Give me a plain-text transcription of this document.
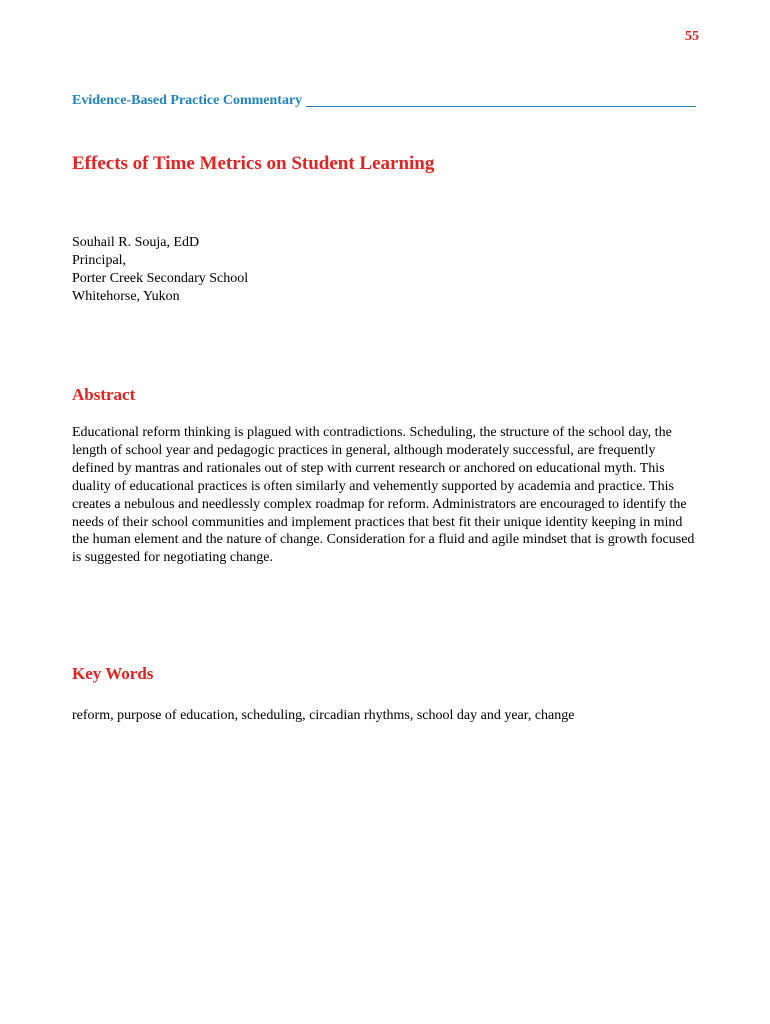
55
Evidence-Based Practice Commentary
Effects of Time Metrics on Student Learning
Souhail R. Souja, EdD
Principal,
Porter Creek Secondary School
Whitehorse, Yukon
Abstract

Educational reform thinking is plagued with contradictions. Scheduling, the structure of the school day, the length of school year and pedagogic practices in general, although moderately successful, are frequently defined by mantras and rationales out of step with current research or anchored on educational myth. This duality of educational practices is often similarly and vehemently supported by academia and practice. This creates a nebulous and needlessly complex roadmap for reform. Administrators are encouraged to identify the needs of their school communities and implement practices that best fit their unique identity keeping in mind the human element and the nature of change. Consideration for a fluid and agile mindset that is growth focused is suggested for negotiating change.

Key Words

reform, purpose of education, scheduling, circadian rhythms, school day and year, change
